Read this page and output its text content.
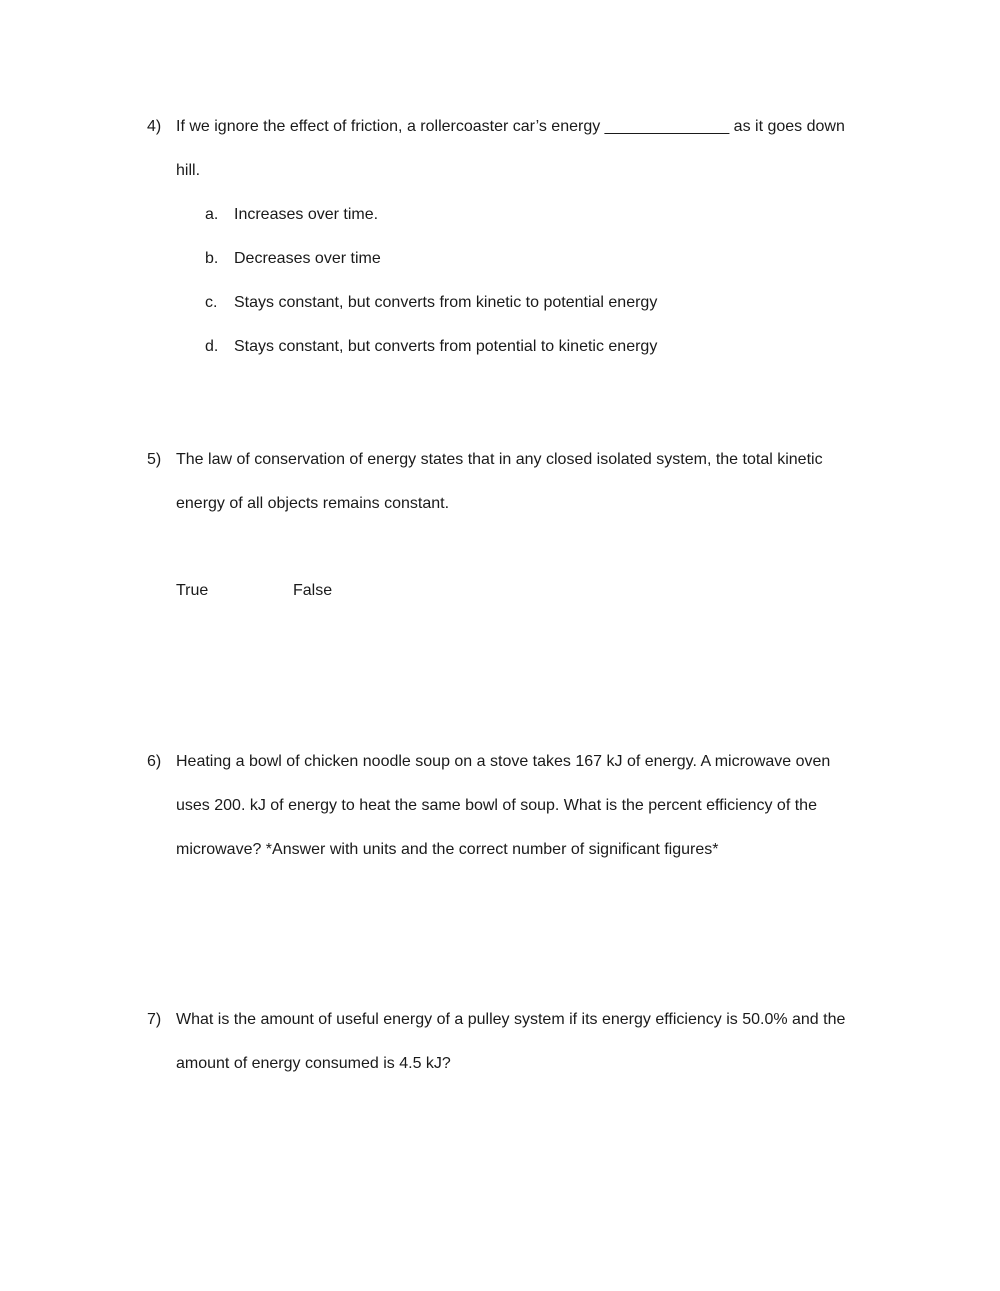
4) If we ignore the effect of friction, a rollercoaster car’s energy ______________ as it goes down
hill.
a. Increases over time.
b. Decreases over time
c. Stays constant, but converts from kinetic to potential energy
d. Stays constant, but converts from potential to kinetic energy
5) The law of conservation of energy states that in any closed isolated system, the total kinetic
energy of all objects remains constant.
True	False
6) Heating a bowl of chicken noodle soup on a stove takes 167 kJ of energy. A microwave oven
uses 200. kJ of energy to heat the same bowl of soup. What is the percent efficiency of the
microwave? *Answer with units and the correct number of significant figures*
7) What is the amount of useful energy of a pulley system if its energy efficiency is 50.0% and the
amount of energy consumed is 4.5 kJ?
